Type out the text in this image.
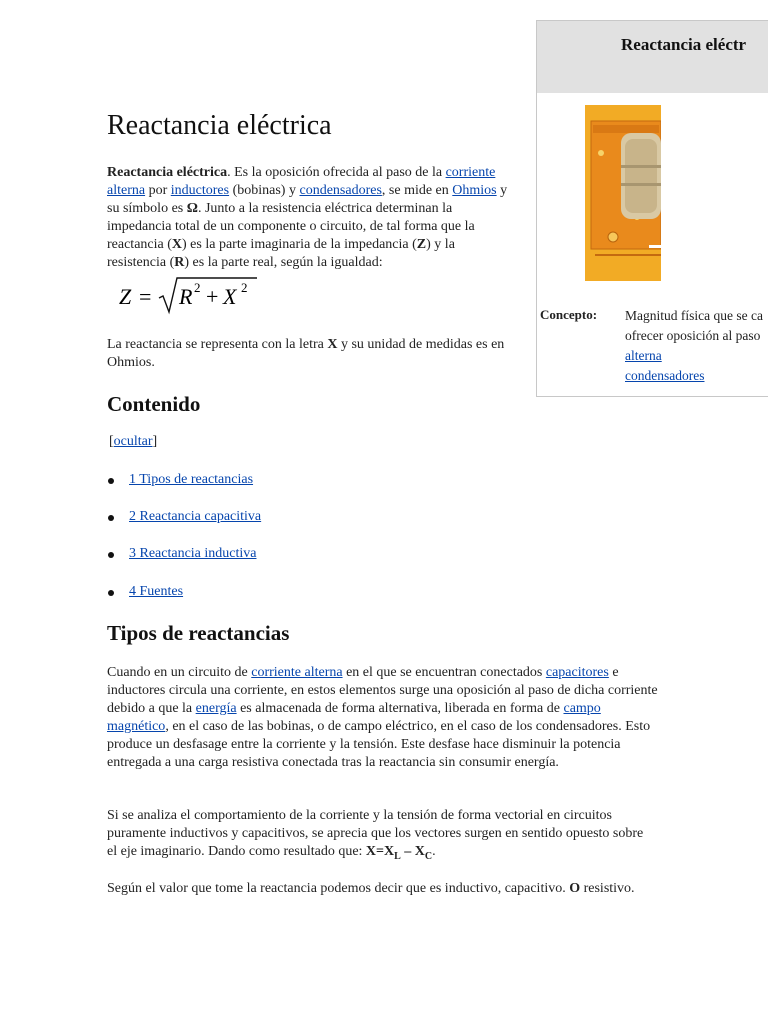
Reactancia eléctr
Concepto: Magnitud física que se ca
ofrecer oposición al paso
alterna
condensadores
Reactancia eléctrica

Reactancia eléctrica. Es la oposición ofrecida al paso de la corriente alterna por inductores (bobinas) y condensadores, se mide en Ohmios y su símbolo es Ω. Junto a la resistencia eléctrica determinan la impedancia total de un componente o circuito, de tal forma que la reactancia (X) es la parte imaginaria de la impedancia (Z) y la resistencia (R) es la parte real, según la igualdad:

Z = R 2 + X 2

La reactancia se representa con la letra X y su unidad de medidas es en Ohmios.

Contenido
[ocultar]
1 Tipos de reactancias
2 Reactancia capacitiva
3 Reactancia inductiva
4 Fuentes
Tipos de reactancias

Cuando en un circuito de corriente alterna en el que se encuentran conectados capacitores e inductores circula una corriente, en estos elementos surge una oposición al paso de dicha corriente debido a que la energía es almacenada de forma alternativa, liberada en forma de campo magnético, en el caso de las bobinas, o de campo eléctrico, en el caso de los condensadores. Esto produce un desfasage entre la corriente y la tensión. Este desfase hace disminuir la potencia entregada a una carga resistiva conectada tras la reactancia sin consumir energía.

Si se analiza el comportamiento de la corriente y la tensión de forma vectorial en circuitos puramente inductivos y capacitivos, se aprecia que los vectores surgen en sentido opuesto sobre el eje imaginario. Dando como resultado que: $X=X_L - X_C$.

Según el valor que tome la reactancia podemos decir que es inductivo, capacitivo. O resistivo.
